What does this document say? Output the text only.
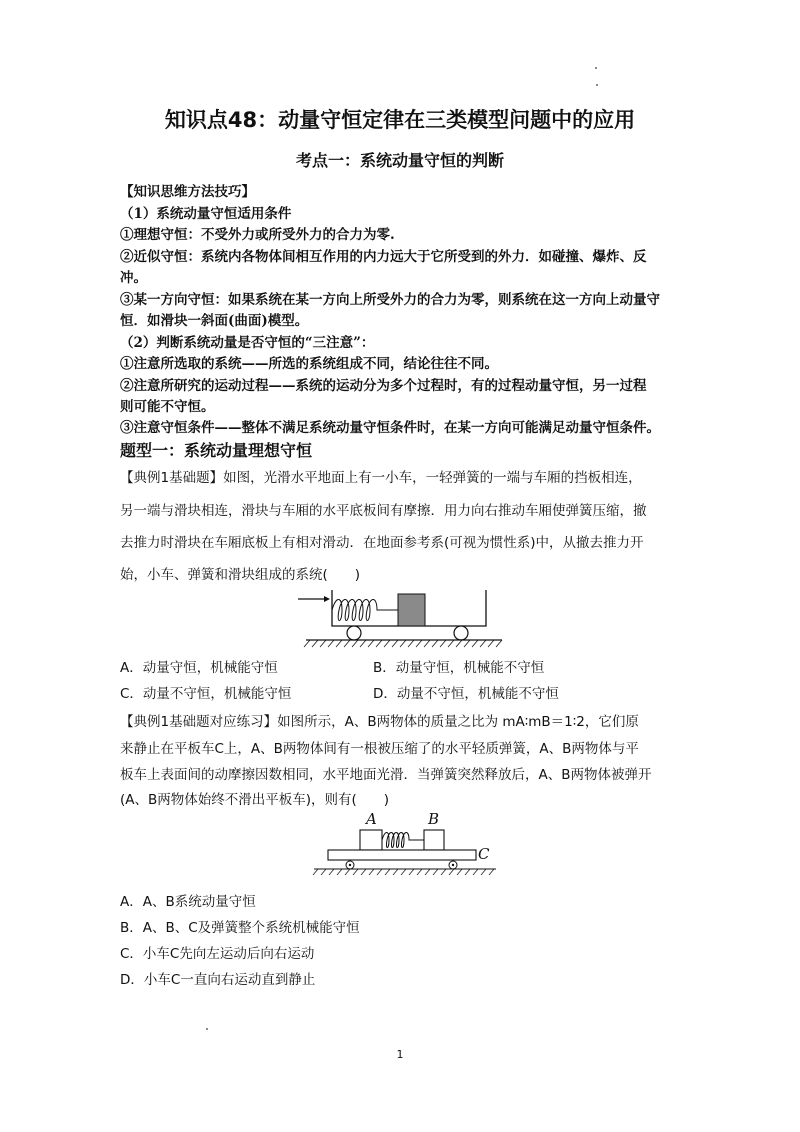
知识点48：动量守恒定律在三类模型问题中的应用
考点一：系统动量守恒的判断
【知识思维方法技巧】
（1）系统动量守恒适用条件
①理想守恒：不受外力或所受外力的合力为零.
②近似守恒：系统内各物体间相互作用的内力远大于它所受到的外力．如碰撞、爆炸、反
冲。
③某一方向守恒：如果系统在某一方向上所受外力的合力为零，则系统在这一方向上动量守
恒．如滑块一斜面(曲面)模型。
（2）判断系统动量是否守恒的“三注意”：
①注意所选取的系统——所选的系统组成不同，结论往往不同。
②注意所研究的运动过程——系统的运动分为多个过程时，有的过程动量守恒，另一过程
则可能不守恒。
③注意守恒条件——整体不满足系统动量守恒条件时，在某一方向可能满足动量守恒条件。
题型一：系统动量理想守恒
【典例1基础题】如图，光滑水平地面上有一小车，一轻弹簧的一端与车厢的挡板相连，
另一端与滑块相连，滑块与车厢的水平底板间有摩擦．用力向右推动车厢使弹簧压缩，撤
去推力时滑块在车厢底板上有相对滑动．在地面参考系(可视为惯性系)中，从撤去推力开
始，小车、弹簧和滑块组成的系统(　　)
A．动量守恒，机械能守恒	B．动量守恒，机械能不守恒
C．动量不守恒，机械能守恒	D．动量不守恒，机械能不守恒
【典例1基础题对应练习】如图所示，A、B两物体的质量之比为 mA∶mB＝1∶2，它们原
来静止在平板车C上，A、B两物体间有一根被压缩了的水平轻质弹簧，A、B两物体与平
板车上表面间的动摩擦因数相同，水平地面光滑．当弹簧突然释放后，A、B两物体被弹开
(A、B两物体始终不滑出平板车)，则有(　　)
A	B
C
A．A、B系统动量守恒
B．A、B、C及弹簧整个系统机械能守恒
C．小车C先向左运动后向右运动
D．小车C一直向右运动直到静止
1
